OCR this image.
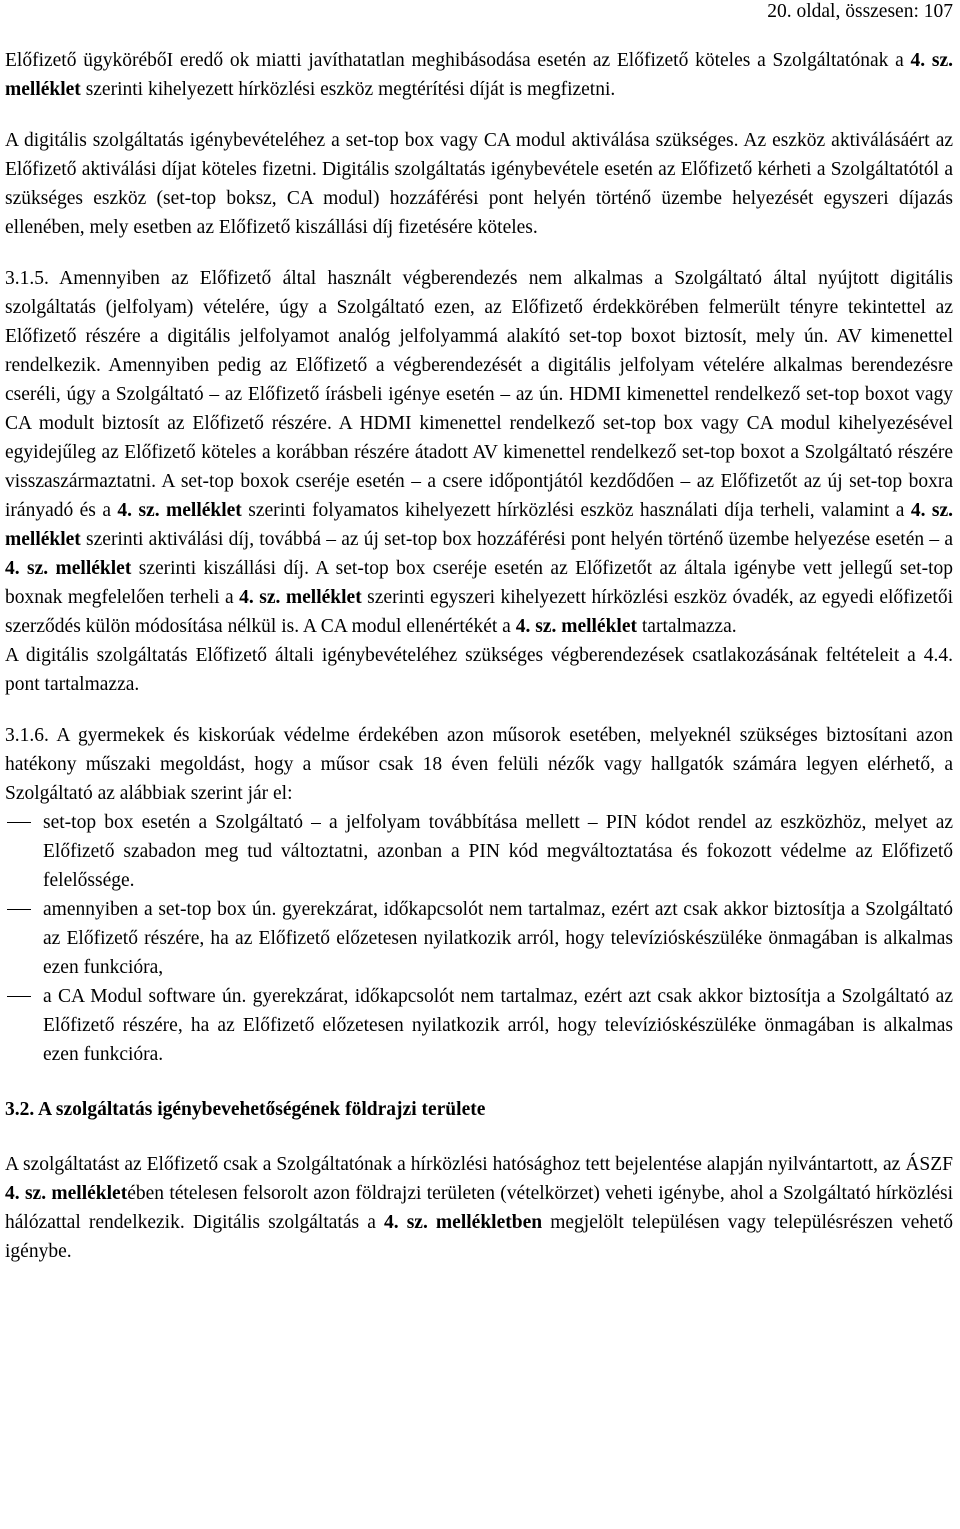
20. oldal, összesen: 107

Előfizető ügykörébőI eredő ok miatti javíthatatlan meghibásodása esetén az Előfizető köteles a Szolgáltatónak a 4. sz. melléklet szerinti kihelyezett hírközlési eszköz megtérítési díját is megfizetni.

A digitális szolgáltatás igénybevételéhez a set-top box vagy CA modul aktiválása szükséges. Az eszköz aktiválásáért az Előfizető aktiválási díjat köteles fizetni. Digitális szolgáltatás igénybevétele esetén az Előfizető kérheti a Szolgáltatótól a szükséges eszköz (set-top boksz, CA modul) hozzáférési pont helyén történő üzembe helyezését egyszeri díjazás ellenében, mely esetben az Előfizető kiszállási díj fizetésére köteles.

3.1.5. Amennyiben az Előfizető által használt végberendezés nem alkalmas a Szolgáltató által nyújtott digitális szolgáltatás (jelfolyam) vételére, úgy a Szolgáltató ezen, az Előfizető érdekkörében felmerült tényre tekintettel az Előfizető részére a digitális jelfolyamot analóg jelfolyammá alakító set-top boxot biztosít, mely ún. AV kimenettel rendelkezik. Amennyiben pedig az Előfizető a végberendezését a digitális jelfolyam vételére alkalmas berendezésre cseréli, úgy a Szolgáltató – az Előfizető írásbeli igénye esetén – az ún. HDMI kimenettel rendelkező set-top boxot vagy CA modult biztosít az Előfizető részére. A HDMI kimenettel rendelkező set-top box vagy CA modul kihelyezésével egyidejűleg az Előfizető köteles a korábban részére átadott AV kimenettel rendelkező set-top boxot a Szolgáltató részére visszaszármaztatni. A set-top boxok cseréje esetén – a csere időpontjától kezdődően – az Előfizetőt az új set-top boxra irányadó és a 4. sz. melléklet szerinti folyamatos kihelyezett hírközlési eszköz használati díja terheli, valamint a 4. sz. melléklet szerinti aktiválási díj, továbbá – az új set-top box hozzáférési pont helyén történő üzembe helyezése esetén – a 4. sz. melléklet szerinti kiszállási díj. A set-top box cseréje esetén az Előfizetőt az általa igénybe vett jellegű set-top boxnak megfelelően terheli a 4. sz. melléklet szerinti egyszeri kihelyezett hírközlési eszköz óvadék, az egyedi előfizetői szerződés külön módosítása nélkül is. A CA modul ellenértékét a 4. sz. melléklet tartalmazza.

A digitális szolgáltatás Előfizető általi igénybevételéhez szükséges végberendezések csatlakozásának feltételeit a 4.4. pont tartalmazza.

3.1.6. A gyermekek és kiskorúak védelme érdekében azon műsorok esetében, melyeknél szükséges biztosítani azon hatékony műszaki megoldást, hogy a műsor csak 18 éven felüli nézők vagy hallgatók számára legyen elérhető, a Szolgáltató az alábbiak szerint jár el:

set-top box esetén a Szolgáltató – a jelfolyam továbbítása mellett – PIN kódot rendel az eszközhöz, melyet az Előfizető szabadon meg tud változtatni, azonban a PIN kód megváltoztatása és fokozott védelme az Előfizető felelőssége.
amennyiben a set-top box ún. gyerekzárat, időkapcsolót nem tartalmaz, ezért azt csak akkor biztosítja a Szolgáltató az Előfizető részére, ha az Előfizető előzetesen nyilatkozik arról, hogy televízióskészüléke önmagában is alkalmas ezen funkcióra,
a CA Modul software ún. gyerekzárat, időkapcsolót nem tartalmaz, ezért azt csak akkor biztosítja a Szolgáltató az Előfizető részére, ha az Előfizető előzetesen nyilatkozik arról, hogy televízióskészüléke önmagában is alkalmas ezen funkcióra.
3.2. A szolgáltatás igénybevehetőségének földrajzi területe

A szolgáltatást az Előfizető csak a Szolgáltatónak a hírközlési hatósághoz tett bejelentése alapján nyilvántartott, az ÁSZF 4. sz. mellékletében tételesen felsorolt azon földrajzi területen (vételkörzet) veheti igénybe, ahol a Szolgáltató hírközlési hálózattal rendelkezik. Digitális szolgáltatás a 4. sz. mellékletben megjelölt településen vagy településrészen vehető igénybe.
